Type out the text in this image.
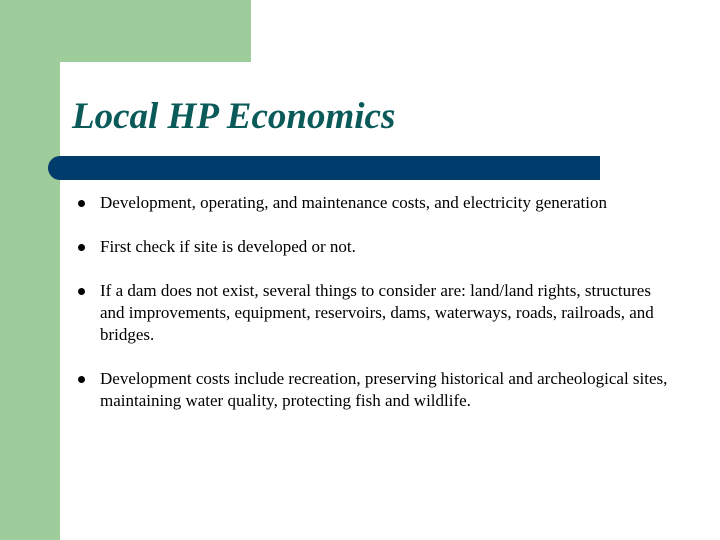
Local HP Economics
Development, operating, and maintenance costs, and electricity generation
First check if site is developed or not.
If a dam does not exist, several things to consider are: land/land rights, structures and improvements, equipment, reservoirs, dams, waterways, roads, railroads, and bridges.
Development costs include recreation, preserving historical and archeological sites, maintaining water quality, protecting fish and wildlife.
